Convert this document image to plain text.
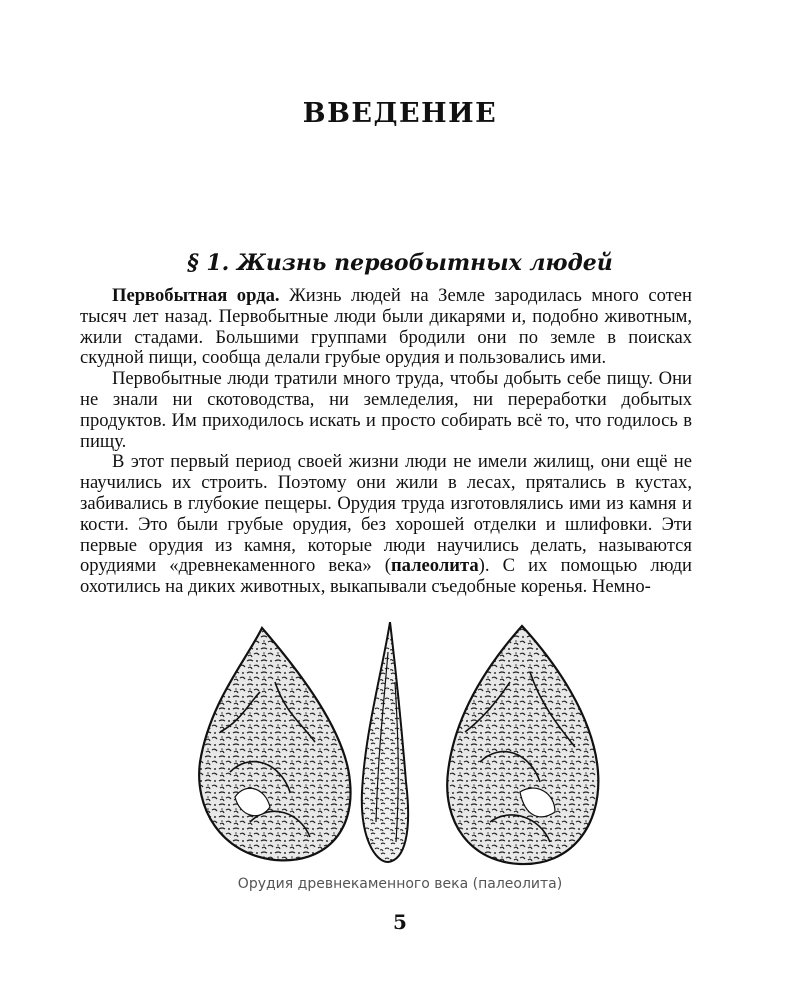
ВВЕДЕНИЕ
§ 1. Жизнь первобытных людей

Первобытная орда. Жизнь людей на Земле зародилась много сотен тысяч лет назад. Первобытные люди были дикарями и, подобно животным, жили стадами. Большими группами бродили они по земле в поисках скудной пищи, сообща делали грубые орудия и пользовались ими.

Первобытные люди тратили много труда, чтобы добыть себе пищу. Они не знали ни скотоводства, ни земледелия, ни переработки добытых продуктов. Им приходилось искать и просто собирать всё то, что годилось в пищу.

В этот первый период своей жизни люди не имели жилищ, они ещё не научились их строить. Поэтому они жили в лесах, прятались в кустах, забивались в глубокие пещеры. Орудия труда изготовлялись ими из камня и кости. Это были грубые орудия, без хорошей отделки и шлифовки. Эти первые орудия из камня, которые люди научились делать, называются орудиями «древнекаменного века» (палеолита). С их помощью люди охотились на диких животных, выкапывали съедобные коренья. Немно-

Орудия древнекаменного века (палеолита)
5
